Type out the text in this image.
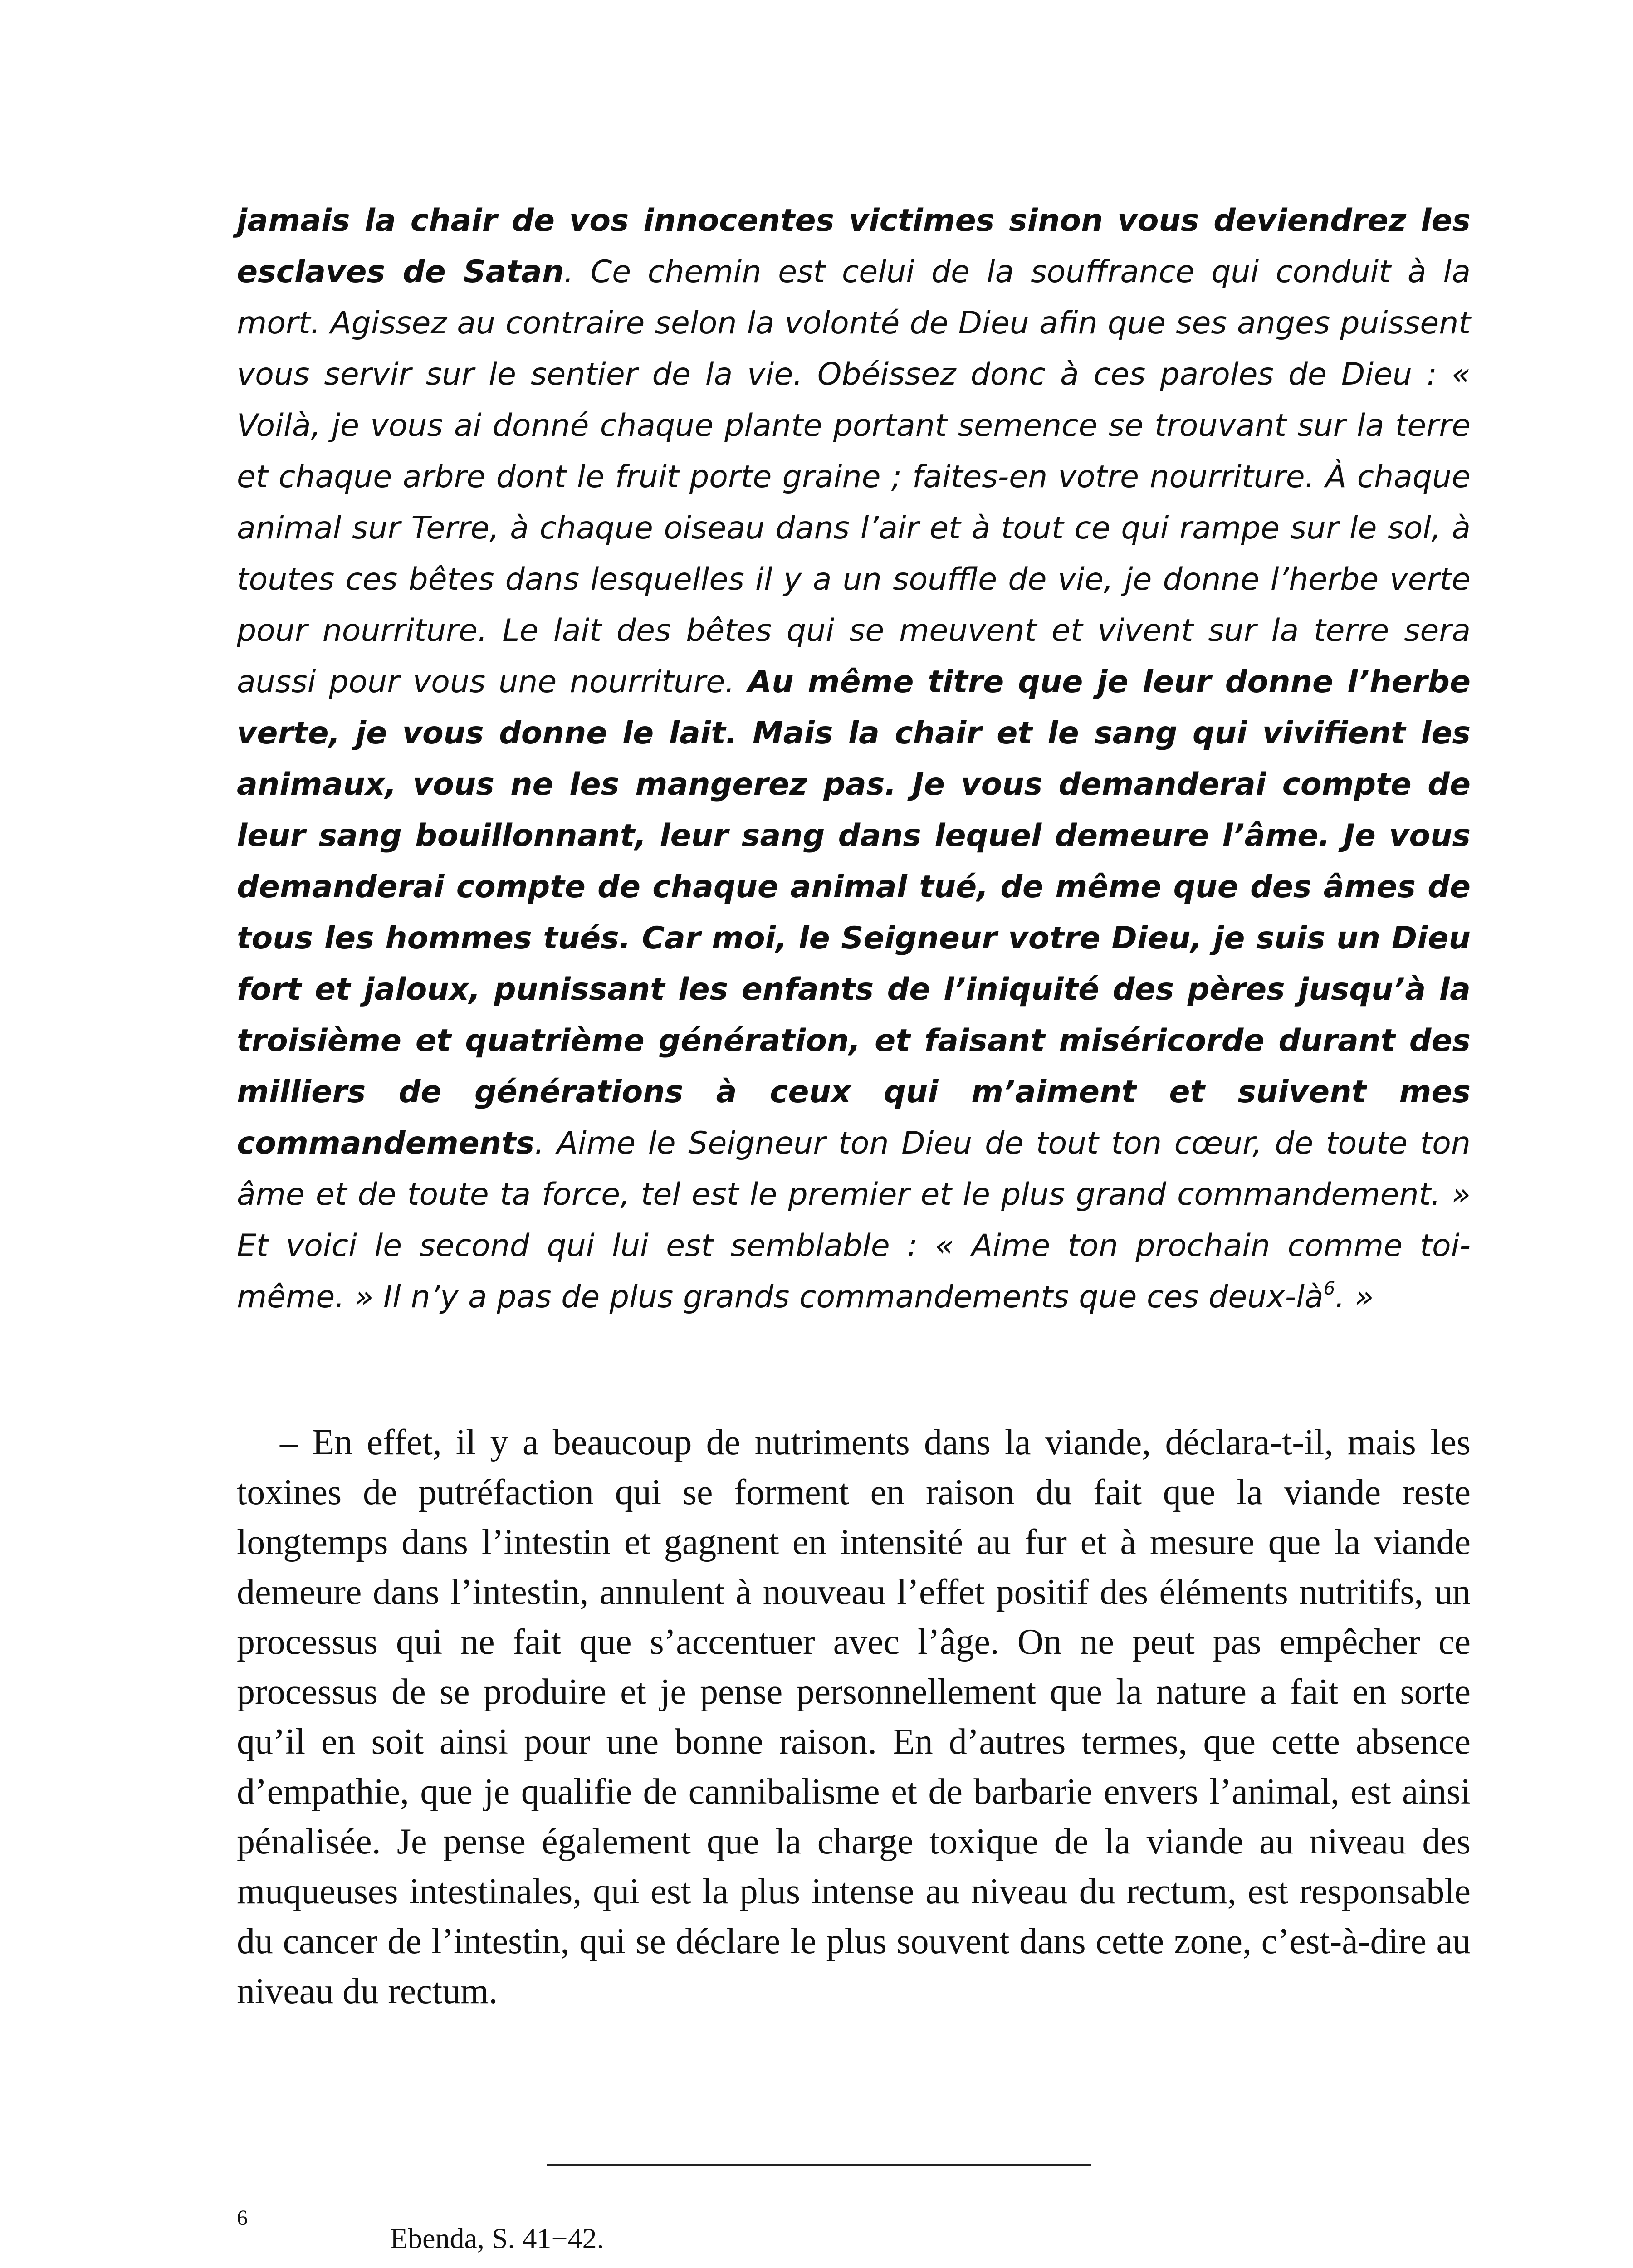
jamais la chair de vos innocentes victimes sinon vous deviendrez les esclaves de Satan. Ce chemin est celui de la souffrance qui conduit à la mort. Agissez au contraire selon la volonté de Dieu afin que ses anges puissent vous servir sur le sentier de la vie. Obéissez donc à ces paroles de Dieu : « Voilà, je vous ai donné chaque plante portant semence se trouvant sur la terre et chaque arbre dont le fruit porte graine ; faites-en votre nourriture. À chaque animal sur Terre, à chaque oiseau dans l’air et à tout ce qui rampe sur le sol, à toutes ces bêtes dans lesquelles il y a un souffle de vie, je donne l’herbe verte pour nourriture. Le lait des bêtes qui se meuvent et vivent sur la terre sera aussi pour vous une nourriture. Au même titre que je leur donne l’herbe verte, je vous donne le lait. Mais la chair et le sang qui vivifient les animaux, vous ne les mangerez pas. Je vous demanderai compte de leur sang bouillonnant, leur sang dans lequel demeure l’âme. Je vous demanderai compte de chaque animal tué, de même que des âmes de tous les hommes tués. Car moi, le Seigneur votre Dieu, je suis un Dieu fort et jaloux, punissant les enfants de l’iniquité des pères jusqu’à la troisième et quatrième génération, et faisant miséricorde durant des milliers de générations à ceux qui m’aiment et suivent mes commandements. Aime le Seigneur ton Dieu de tout ton cœur, de toute ton âme et de toute ta force, tel est le premier et le plus grand commandement. » Et voici le second qui lui est semblable : « Aime ton prochain comme toi-même. » Il n’y a pas de plus grands commandements que ces deux-$là^6$. »

– En effet, il y a beaucoup de nutriments dans la viande, déclara-t-il, mais les toxines de putréfaction qui se forment en raison du fait que la viande reste longtemps dans l’intestin et gagnent en intensité au fur et à mesure que la viande demeure dans l’intestin, annulent à nouveau l’effet positif des éléments nutritifs, un processus qui ne fait que s’accentuer avec l’âge. On ne peut pas empêcher ce processus de se produire et je pense personnellement que la nature a fait en sorte qu’il en soit ainsi pour une bonne raison. En d’autres termes, que cette absence d’empathie, que je qualifie de cannibalisme et de barbarie envers l’animal, est ainsi pénalisée. Je pense également que la charge toxique de la viande au niveau des muqueuses intestinales, qui est la plus intense au niveau du rectum, est responsable du cancer de l’intestin, qui se déclare le plus souvent dans cette zone, c’est-à-dire au niveau du rectum.

6
Ebenda, S. 41−42.
